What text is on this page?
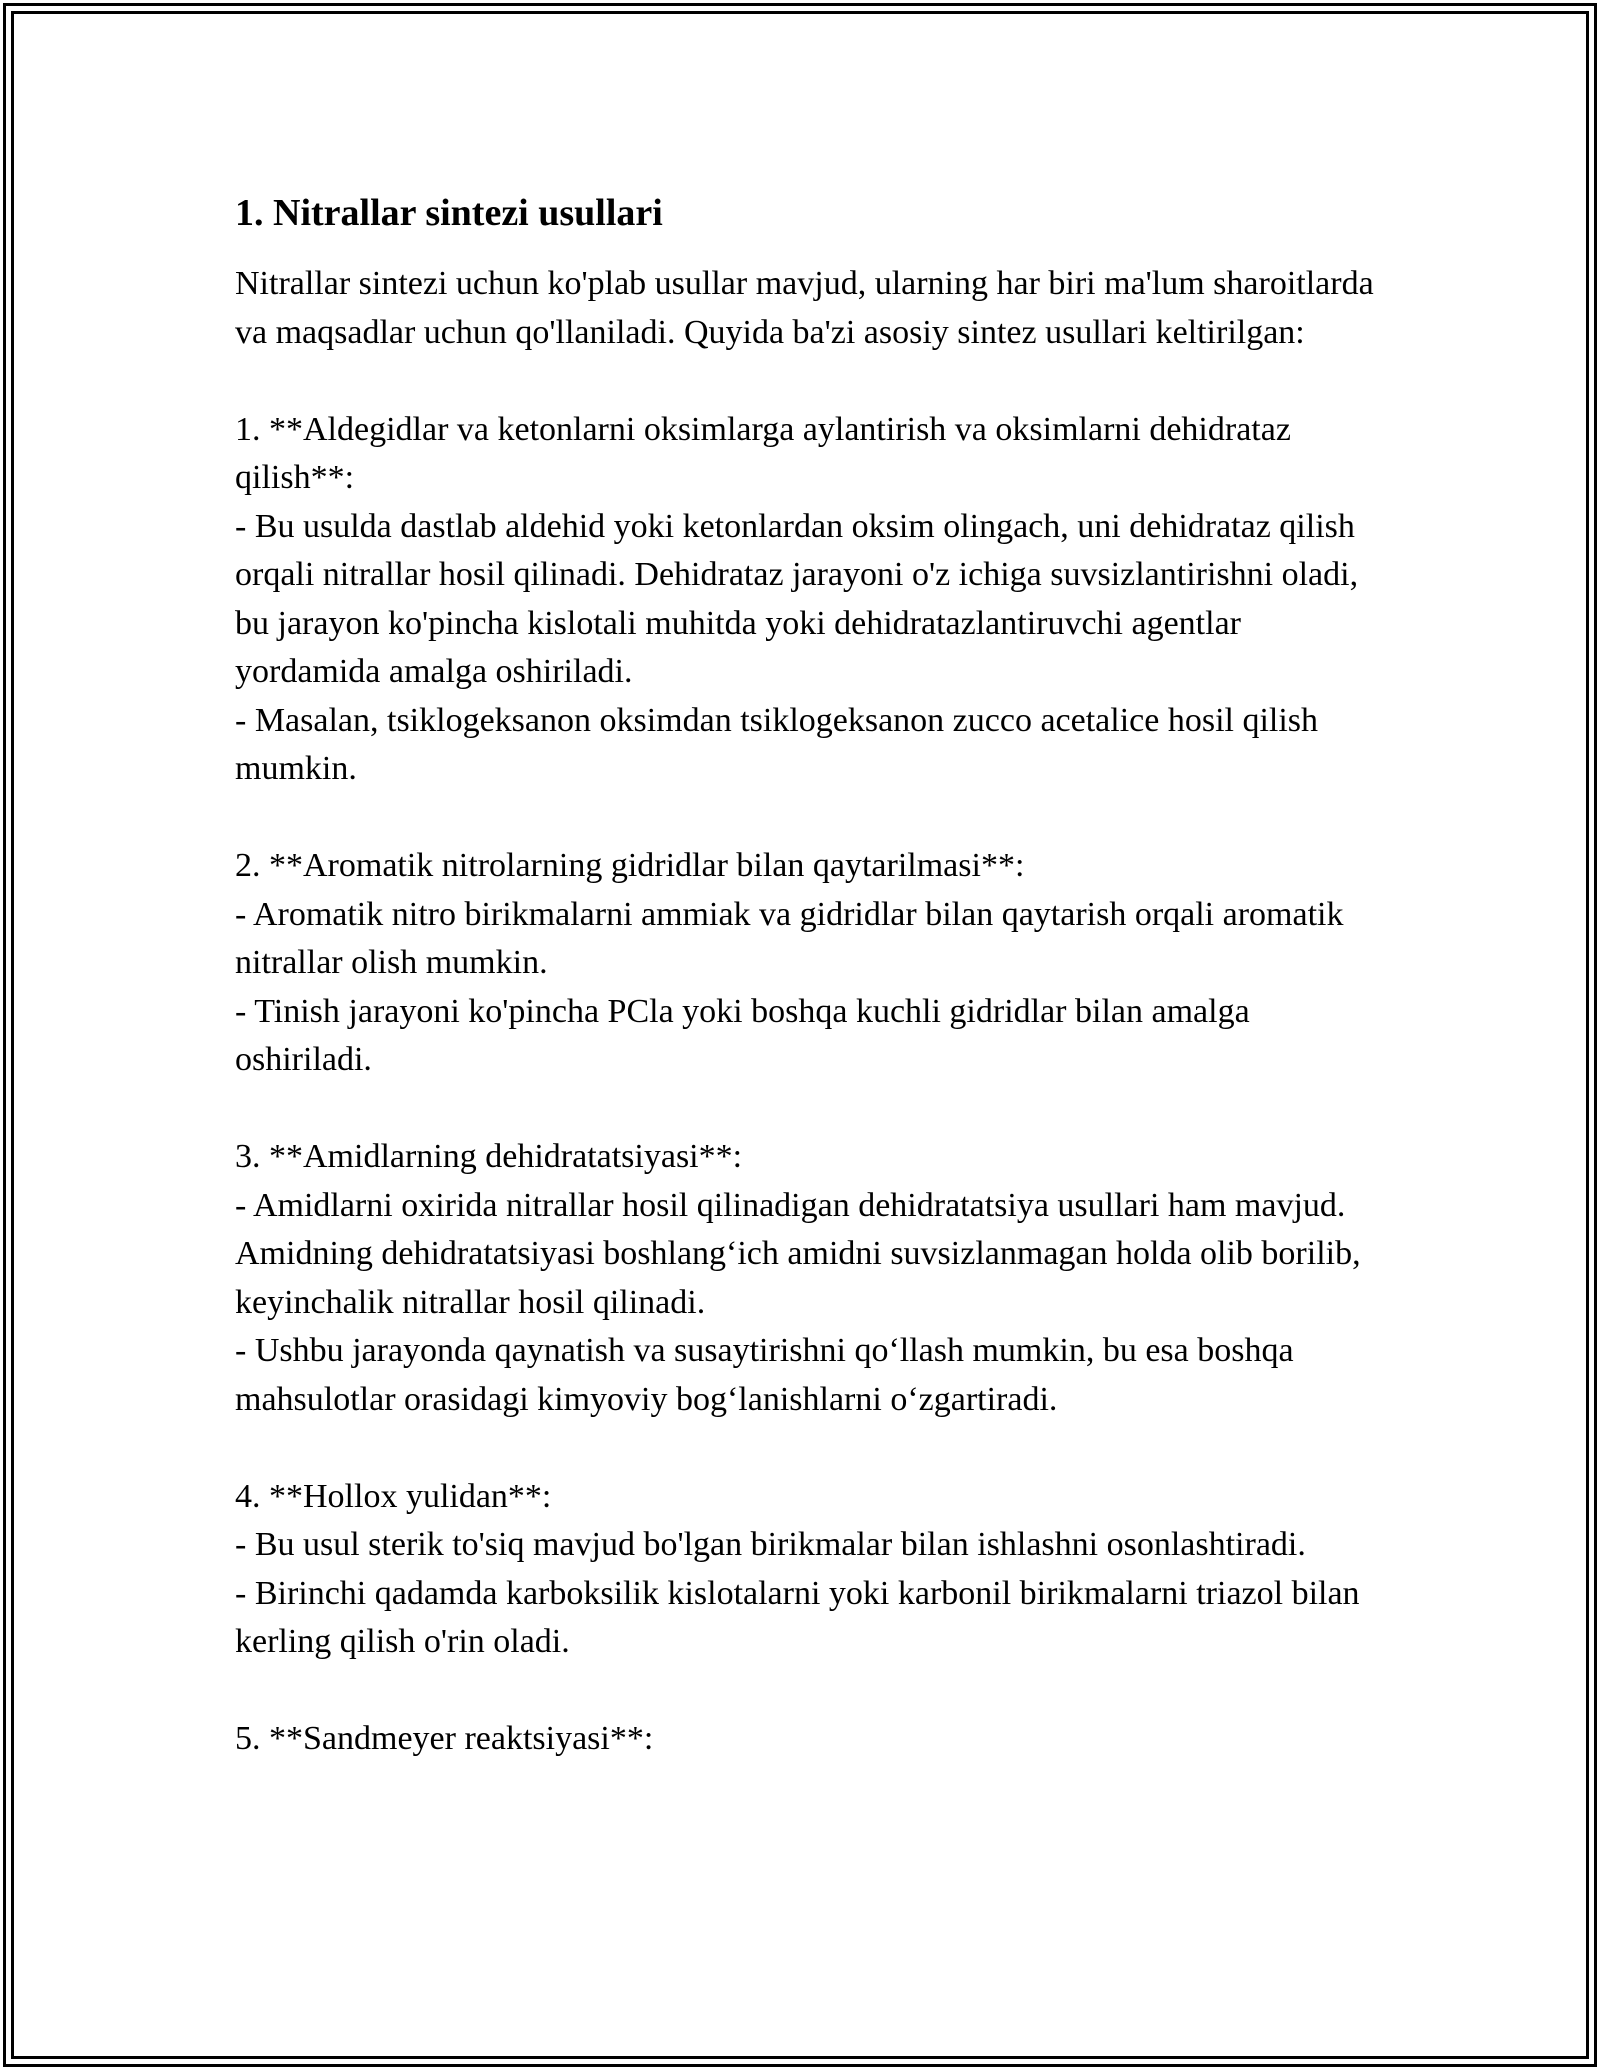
1. Nitrallar sintezi usullari

Nitrallar sintezi uchun ko'plab usullar mavjud, ularning har biri ma'lum sharoitlarda va maqsadlar uchun qo'llaniladi. Quyida ba'zi asosiy sintez usullari keltirilgan:

1. **Aldegidlar va ketonlarni oksimlarga aylantirish va oksimlarni dehidrataz qilish**:
- Bu usulda dastlab aldehid yoki ketonlardan oksim olingach, uni dehidrataz qilish orqali nitrallar hosil qilinadi. Dehidrataz jarayoni o'z ichiga suvsizlantirishni oladi, bu jarayon ko'pincha kislotali muhitda yoki dehidratazlantiruvchi agentlar yordamida amalga oshiriladi.
- Masalan, tsiklogeksanon oksimdan tsiklogeksanon zucco acetalice hosil qilish mumkin.

2. **Aromatik nitrolarning gidridlar bilan qaytarilmasi**:
- Aromatik nitro birikmalarni ammiak va gidridlar bilan qaytarish orqali aromatik nitrallar olish mumkin.
- Tinish jarayoni ko'pincha PCla yoki boshqa kuchli gidridlar bilan amalga oshiriladi.

3. **Amidlarning dehidratatsiyasi**:
- Amidlarni oxirida nitrallar hosil qilinadigan dehidratatsiya usullari ham mavjud. Amidning dehidratatsiyasi boshlang‘ich amidni suvsizlanmagan holda olib borilib, keyinchalik nitrallar hosil qilinadi.
- Ushbu jarayonda qaynatish va susaytirishni qo‘llash mumkin, bu esa boshqa mahsulotlar orasidagi kimyoviy bog‘lanishlarni o‘zgartiradi.

4. **Hollox yulidan**:
- Bu usul sterik to'siq mavjud bo'lgan birikmalar bilan ishlashni osonlashtiradi.
- Birinchi qadamda karboksilik kislotalarni yoki karbonil birikmalarni triazol bilan kerling qilish o'rin oladi.

5. **Sandmeyer reaktsiyasi**:
